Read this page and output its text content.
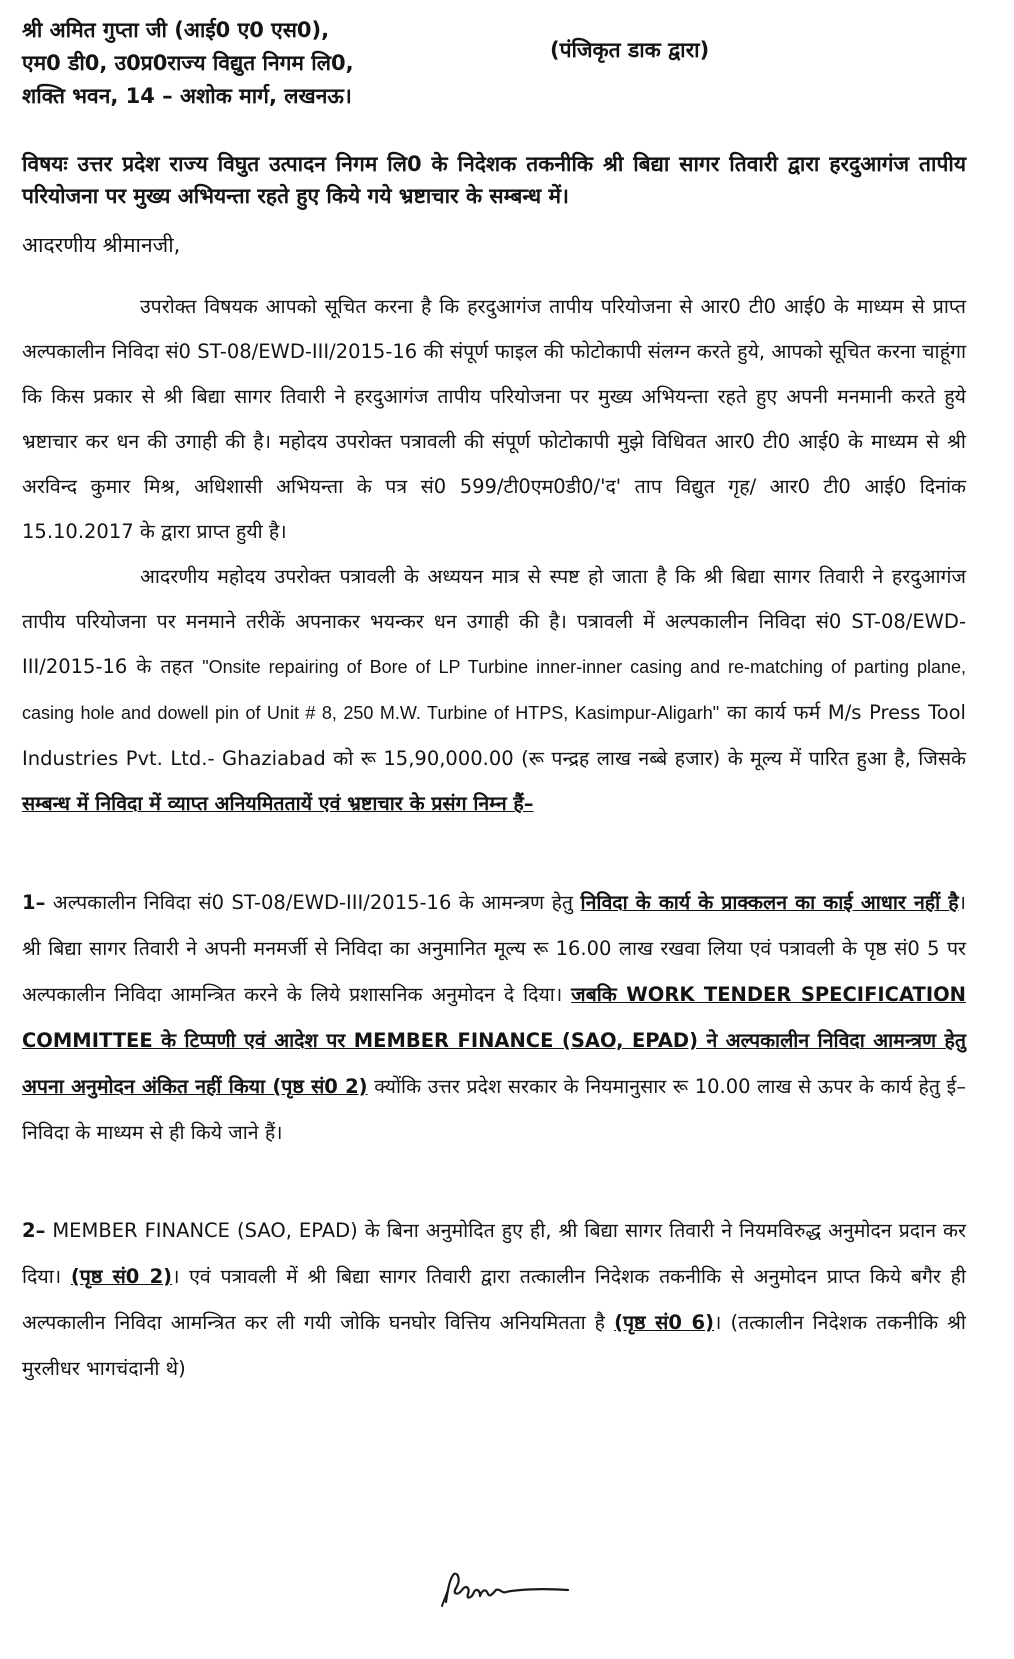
श्री अमित गुप्ता जी (आई0 ए0 एस0),
एम0 डी0, उ0प्र0राज्य विद्युत निगम लि0,
शक्ति भवन, 14 – अशोक मार्ग, लखनऊ।
(पंजिकृत डाक द्वारा)
विषयः उत्तर प्रदेश राज्य विघुत उत्पादन निगम लि0 के निदेशक तकनीकि श्री बिद्या सागर तिवारी द्वारा हरदुआगंज तापीय परियोजना पर मुख्य अभियन्ता रहते हुए किये गये भ्रष्टाचार के सम्बन्ध में।
आदरणीय श्रीमानजी,
उपरोक्त विषयक आपको सूचित करना है कि हरदुआगंज तापीय परियोजना से आर0 टी0 आई0 के माध्यम से प्राप्त अल्पकालीन निविदा सं0 ST-08/EWD-III/2015-16 की संपूर्ण फाइल की फोटोकापी संलग्न करते हुये, आपको सूचित करना चाहूंगा कि किस प्रकार से श्री बिद्या सागर तिवारी ने हरदुआगंज तापीय परियोजना पर मुख्य अभियन्ता रहते हुए अपनी मनमानी करते हुये भ्रष्टाचार कर धन की उगाही की है। महोदय उपरोक्त पत्रावली की संपूर्ण फोटोकापी मुझे विधिवत आर0 टी0 आई0 के माध्यम से श्री अरविन्द कुमार मिश्र, अधिशासी अभियन्ता के पत्र सं0 599/टी0एम0डी0/'द' ताप विद्युत गृह/ आर0 टी0 आई0 दिनांक 15.10.2017 के द्वारा प्राप्त हुयी है।
आदरणीय महोदय उपरोक्त पत्रावली के अध्ययन मात्र से स्पष्ट हो जाता है कि श्री बिद्या सागर तिवारी ने हरदुआगंज तापीय परियोजना पर मनमाने तरीकें अपनाकर भयन्कर धन उगाही की है। पत्रावली में अल्पकालीन निविदा सं0 ST-08/EWD-III/2015-16 के तहत "Onsite repairing of Bore of LP Turbine inner-inner casing and re-matching of parting plane, casing hole and dowell pin of Unit # 8, 250 M.W. Turbine of HTPS, Kasimpur-Aligarh" का कार्य फर्म M/s Press Tool Industries Pvt. Ltd.- Ghaziabad को रू 15,90,000.00 (रू पन्द्रह लाख नब्बे हजार) के मूल्य में पारित हुआ है, जिसके सम्बन्ध में निविदा में व्याप्त अनियमिततायें एवं भ्रष्टाचार के प्रसंग निम्न हैं–
1– अल्पकालीन निविदा सं0 ST-08/EWD-III/2015-16 के आमन्त्रण हेतु निविदा के कार्य के प्राक्कलन का काई आधार नहीं है। श्री बिद्या सागर तिवारी ने अपनी मनमर्जी से निविदा का अनुमानित मूल्य रू 16.00 लाख रखवा लिया एवं पत्रावली के पृष्ठ सं0 5 पर अल्पकालीन निविदा आमन्त्रित करने के लिये प्रशासनिक अनुमोदन दे दिया। जबकि WORK TENDER SPECIFICATION COMMITTEE के टिप्पणी एवं आदेश पर MEMBER FINANCE (SAO, EPAD) ने अल्पकालीन निविदा आमन्त्रण हेतु अपना अनुमोदन अंकित नहीं किया (पृष्ठ सं0 2) क्योंकि उत्तर प्रदेश सरकार के नियमानुसार रू 10.00 लाख से ऊपर के कार्य हेतु ई–निविदा के माध्यम से ही किये जाने हैं।
2– MEMBER FINANCE (SAO, EPAD) के बिना अनुमोदित हुए ही, श्री बिद्या सागर तिवारी ने नियमविरुद्ध अनुमोदन प्रदान कर दिया। (पृष्ठ सं0 2)। एवं पत्रावली में श्री बिद्या सागर तिवारी द्वारा तत्कालीन निदेशक तकनीकि से अनुमोदन प्राप्त किये बगैर ही अल्पकालीन निविदा आमन्त्रित कर ली गयी जोकि घनघोर वित्तिय अनियमितता है (पृष्ठ सं0 6)। (तत्कालीन निदेशक तकनीकि श्री मुरलीधर भागचंदानी थे)
